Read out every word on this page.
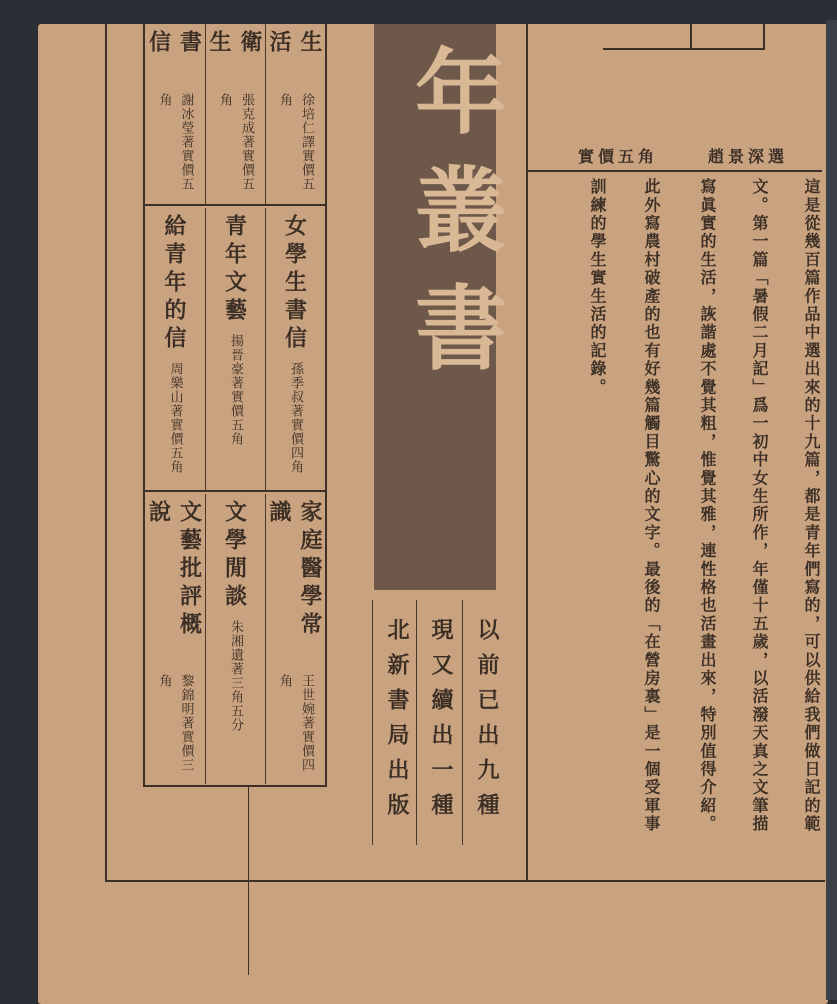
生活
徐培仁譯實價五角
衛生
張克成著實價五角
書信
謝冰瑩著實價五角
女學生書信
孫季叔著實價四角
青年文藝
揚晉豪著實價五角
給青年的信
周樂山著實價五角
家庭醫學常識
王世婉著實價四角
文學閒談
朱湘遺著三角五分
文藝批評概說
黎錦明著實價三角
年叢書
以前已出九種
現又續出一種
北新書局出版
實價五角	趙景深選
這是從幾百篇作品中選出來的十九篇，都是青年們寫的，可以供給我們做日記的範
文。第一篇「暑假二月記」爲一初中女生所作，年僅十五歲，以活潑天真之文筆描
寫眞實的生活，詼諧處不覺其粗，惟覺其雅，連性格也活畫出來，特別值得介紹。
此外寫農村破產的也有好幾篇觸目驚心的文字。最後的「在營房裏」是一個受軍事
訓練的學生實生活的記錄。
